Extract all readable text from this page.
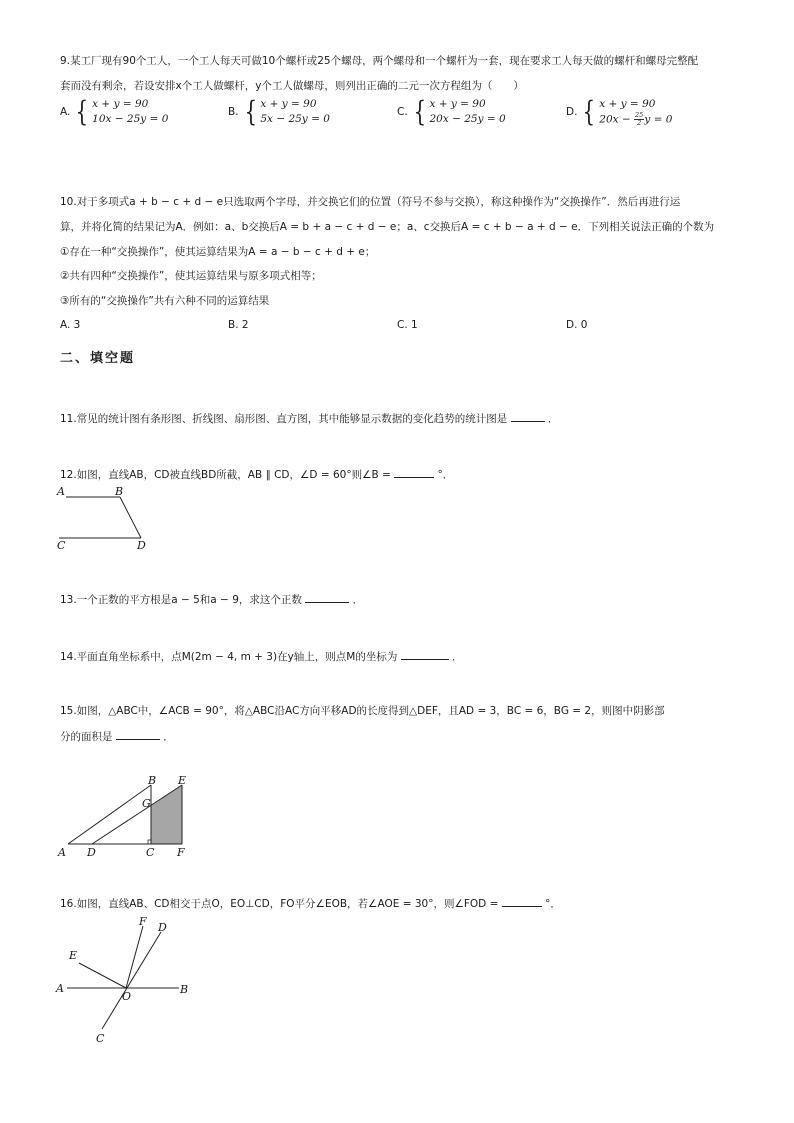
9.某工厂现有90个工人，一个工人每天可做10个螺杆或25个螺母，两个螺母和一个螺杆为一套，现在要求工人每天做的螺杆和螺母完整配
套而没有剩余，若设安排x个工人做螺杆，y个工人做螺母，则列出正确的二元一次方程组为（　　）
A. { x + y = 90
10x − 25y = 0
B. { x + y = 90
5x − 25y = 0
C. { x + y = 90
20x − 25y = 0
D. { x + y = 90
$20x - \frac{25}{2}$ y = 0
10.对于多项式a + b − c + d − e只选取两个字母，并交换它们的位置（符号不参与交换），称这种操作为“交换操作”．然后再进行运
算，并将化简的结果记为A．例如：a、b交换后A = b + a − c + d − e；a、c交换后A = c + b − a + d − e．下列相关说法正确的个数为
①存在一种“交换操作”，使其运算结果为A = a − b − c + d + e；
②共有四种“交换操作”，使其运算结果与原多项式相等；
③所有的“交换操作”共有六种不同的运算结果
A. 3	B. 2	C. 1	D. 0
二、填空题
11.常见的统计图有条形图、折线图、扇形图、直方图，其中能够显示数据的变化趋势的统计图是	．
12.如图，直线AB，CD被直线BD所截，AB ∥ CD，∠D = 60°则∠B =	°．
A	B
C	D
13.一个正数的平方根是a − 5和a − 9，求这个正数	．
14.平面直角坐标系中，点M(2m − 4, m + 3)在y轴上，则点M的坐标为	．
15.如图，△ABC中，∠ACB = 90°，将△ABC沿AC方向平移AD的长度得到△DEF，且AD = 3，BC = 6，BG = 2，则图中阴影部
分的面积是	．
A D	C F
B E
G
16.如图，直线AB、CD相交于点O，EO⊥CD，FO平分∠EOB，若∠AOE = 30°，则∠FOD =	°．
A	B
C
D
E
F
O
